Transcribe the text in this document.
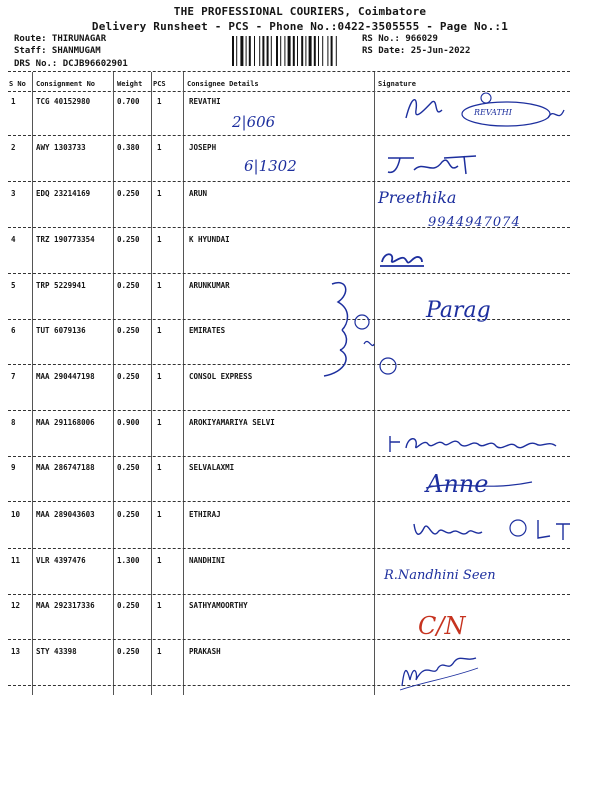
THE PROFESSIONAL COURIERS, Coimbatore
Delivery Runsheet - PCS - Phone No.:0422-3505555 - Page No.:1
Route: THIRUNAGAR
Staff: SHANMUGAM
DRS No.: DCJB96602901
RS No.: 966029
RS Date: 25-Jun-2022
S No Consignment No	Weight PCS	Consignee Details	Signature
1	TCG 40152980	0.700 1	REVATHI
2	AWY 1303733	0.380 1	JOSEPH
3	EDQ 23214169	0.250 1	ARUN
4	TRZ 190773354	0.250 1	K HYUNDAI
5	TRP 5229941	0.250 1	ARUNKUMAR
6	TUT 6079136	0.250 1	EMIRATES
7	MAA 290447198	0.250 1	CONSOL EXPRESS
8	MAA 291168006	0.900 1	AROKIYAMARIYA SELVI
9	MAA 286747188	0.250 1	SELVALAXMI
10 MAA 289043603	0.250 1	ETHIRAJ
11 VLR 4397476	1.300 1	NANDHINI
12 MAA 292317336	0.250 1	SATHYAMOORTHY
13 STY 43398	0.250 1	PRAKASH
2|606
6|1302
REVATHI
Preethika
9944947074
Parag
Anne
R.Nandhini Seen
C/N
